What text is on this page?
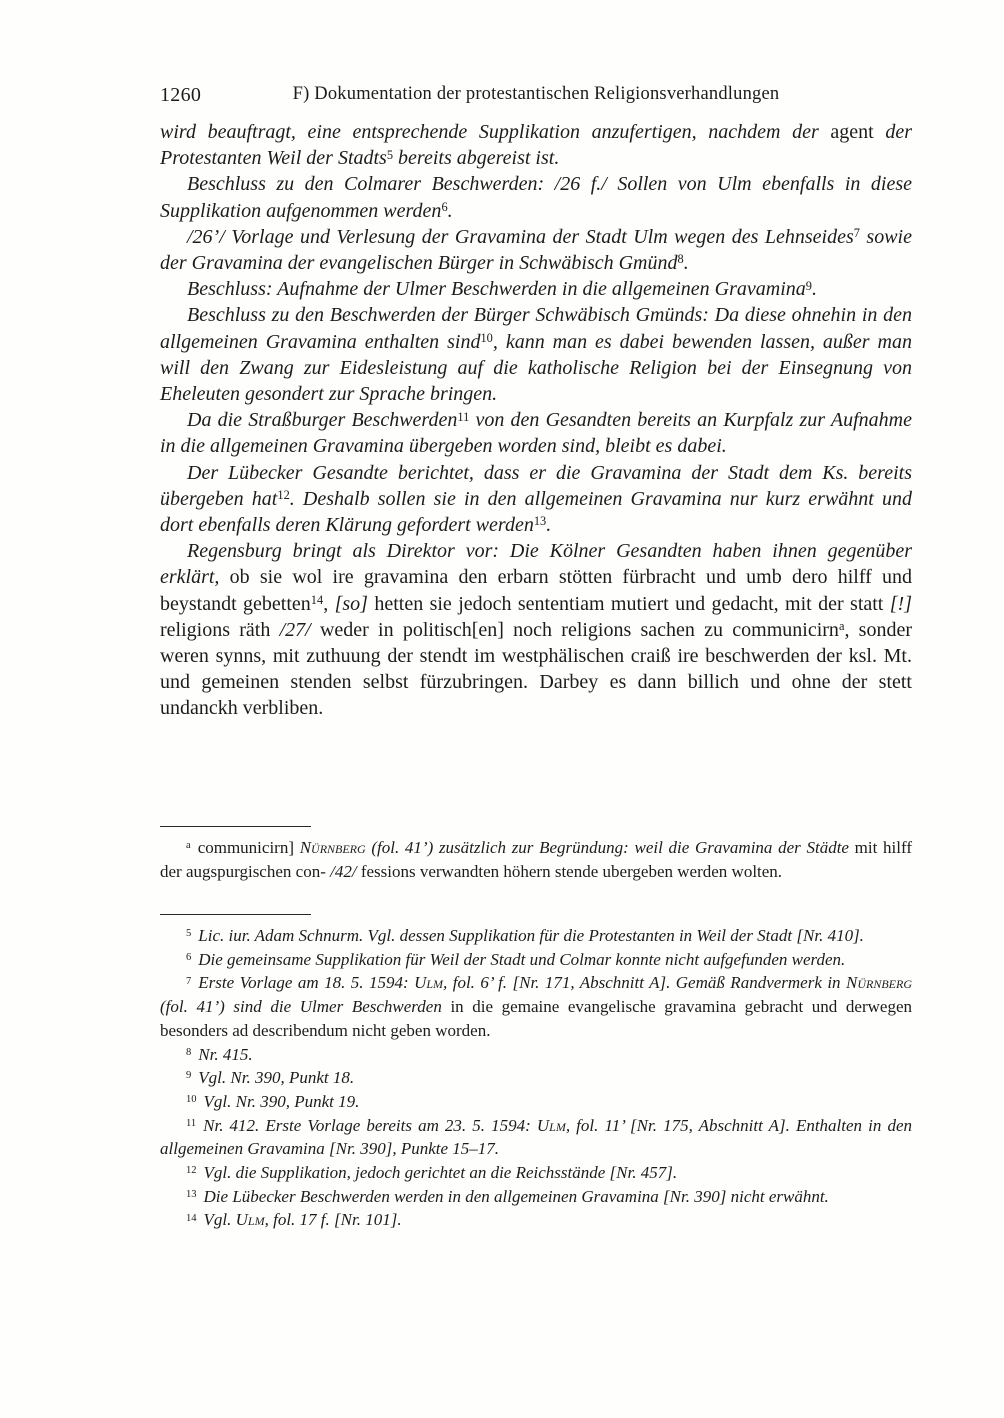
1260	F) Dokumentation der protestantischen Religionsverhandlungen

wird beauftragt, eine entsprechende Supplikation anzufertigen, nachdem der agent der Protestanten Weil der Stadts$^5$ bereits abgereist ist.

Beschluss zu den Colmarer Beschwerden: /26 f./ Sollen von Ulm ebenfalls in diese Supplikation aufgenommen werden$^6$.

/26’/ Vorlage und Verlesung der Gravamina der Stadt Ulm wegen des Lehnseides$^7$ sowie der Gravamina der evangelischen Bürger in Schwäbisch Gmünd$^8$.

Beschluss: Aufnahme der Ulmer Beschwerden in die allgemeinen Gravamina$^9$.

Beschluss zu den Beschwerden der Bürger Schwäbisch Gmünds: Da diese ohnehin in den allgemeinen Gravamina enthalten sind$^{10}$, kann man es dabei bewenden lassen, außer man will den Zwang zur Eidesleistung auf die katholische Religion bei der Einsegnung von Eheleuten gesondert zur Sprache bringen.

Da die Straßburger Beschwerden$^{11}$ von den Gesandten bereits an Kurpfalz zur Aufnahme in die allgemeinen Gravamina übergeben worden sind, bleibt es dabei.

Der Lübecker Gesandte berichtet, dass er die Gravamina der Stadt dem Ks. bereits übergeben hat$^{12}$. Deshalb sollen sie in den allgemeinen Gravamina nur kurz erwähnt und dort ebenfalls deren Klärung gefordert werden$^{13}$.

Regensburg bringt als Direktor vor: Die Kölner Gesandten haben ihnen gegenüber erklärt, ob sie wol ire gravamina den erbarn stötten fürbracht und umb dero hilff und beystandt gebetten$^{14}$, [so] hetten sie jedoch sententiam mutiert und gedacht, mit der statt [!] religions räth /27/ weder in politisch[en] noch religions sachen zu communicirn$^a$, sonder weren synns, mit zuthuung der stendt im westphälischen craiß ire beschwerden der ksl. Mt. und gemeinen stenden selbst fürzubringen. Darbey es dann billich und ohne der stett undanckh verbliben.

$^a$ communicirn] Nürnberg (fol. 41’) zusätzlich zur Begründung: weil die Gravamina der Städte mit hilff der augspurgischen con- /42/ fessions verwandten höhern stende ubergeben werden wolten.

$^5$ Lic. iur. Adam Schnurm. Vgl. dessen Supplikation für die Protestanten in Weil der Stadt [Nr. 410].

$^6$ Die gemeinsame Supplikation für Weil der Stadt und Colmar konnte nicht aufgefunden werden.

$^7$ Erste Vorlage am 18. 5. 1594: Ulm, fol. 6’ f. [Nr. 171, Abschnitt A]. Gemäß Randvermerk in Nürnberg (fol. 41’) sind die Ulmer Beschwerden in die gemaine evangelische gravamina gebracht und derwegen besonders ad describendum nicht geben worden.

$^8$ Nr. 415.

$^9$ Vgl. Nr. 390, Punkt 18.

$^{10}$ Vgl. Nr. 390, Punkt 19.

$^{11}$ Nr. 412. Erste Vorlage bereits am 23. 5. 1594: Ulm, fol. 11’ [Nr. 175, Abschnitt A]. Enthalten in den allgemeinen Gravamina [Nr. 390], Punkte 15–17.

$^{12}$ Vgl. die Supplikation, jedoch gerichtet an die Reichsstände [Nr. 457].

$^{13}$ Die Lübecker Beschwerden werden in den allgemeinen Gravamina [Nr. 390] nicht erwähnt.

$^{14}$ Vgl. Ulm, fol. 17 f. [Nr. 101].
